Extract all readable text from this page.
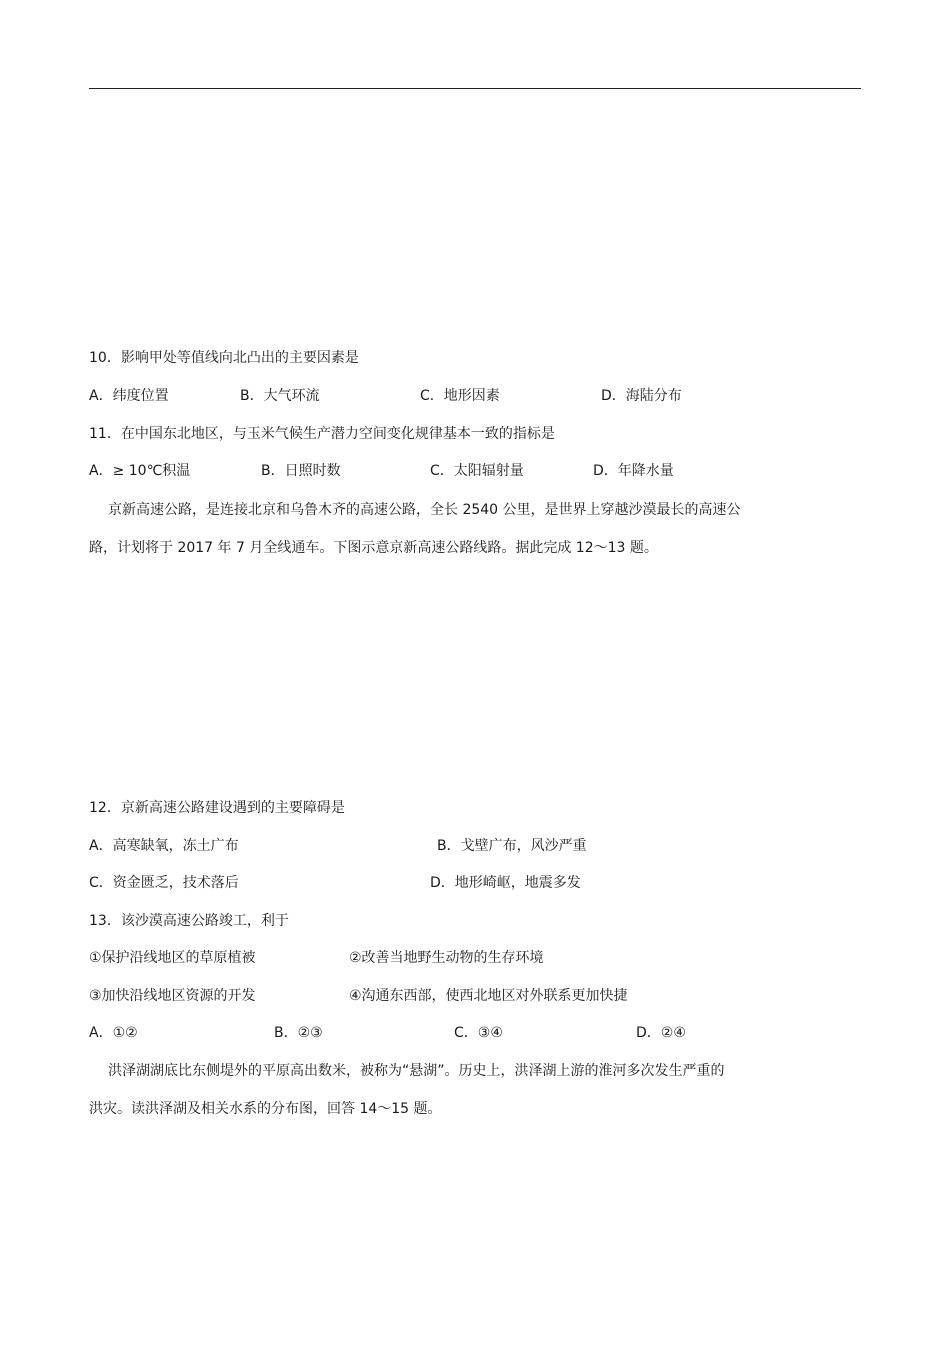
10．影响甲处等值线向北凸出的主要因素是
A．纬度位置	B．大气环流	C．地形因素	D．海陆分布
11．在中国东北地区，与玉米气候生产潜力空间变化规律基本一致的指标是
A．≥ 10℃积温	B．日照时数	C．太阳辐射量	D．年降水量
京新高速公路，是连接北京和乌鲁木齐的高速公路，全长 2540 公里，是世界上穿越沙漠最长的高速公
路，计划将于 2017 年 7 月全线通车。下图示意京新高速公路线路。据此完成 12～13 题。
12．京新高速公路建设遇到的主要障碍是
A．高寒缺氧，冻土广布	B．戈壁广布，风沙严重
C．资金匮乏，技术落后	D．地形崎岖，地震多发
13．该沙漠高速公路竣工，利于
①保护沿线地区的草原植被	②改善当地野生动物的生存环境
③加快沿线地区资源的开发	④沟通东西部，使西北地区对外联系更加快捷
A．①②	B．②③	C．③④	D．②④
洪泽湖湖底比东侧堤外的平原高出数米，被称为“悬湖”。历史上，洪泽湖上游的淮河多次发生严重的
洪灾。读洪泽湖及相关水系的分布图，回答 14～15 题。
